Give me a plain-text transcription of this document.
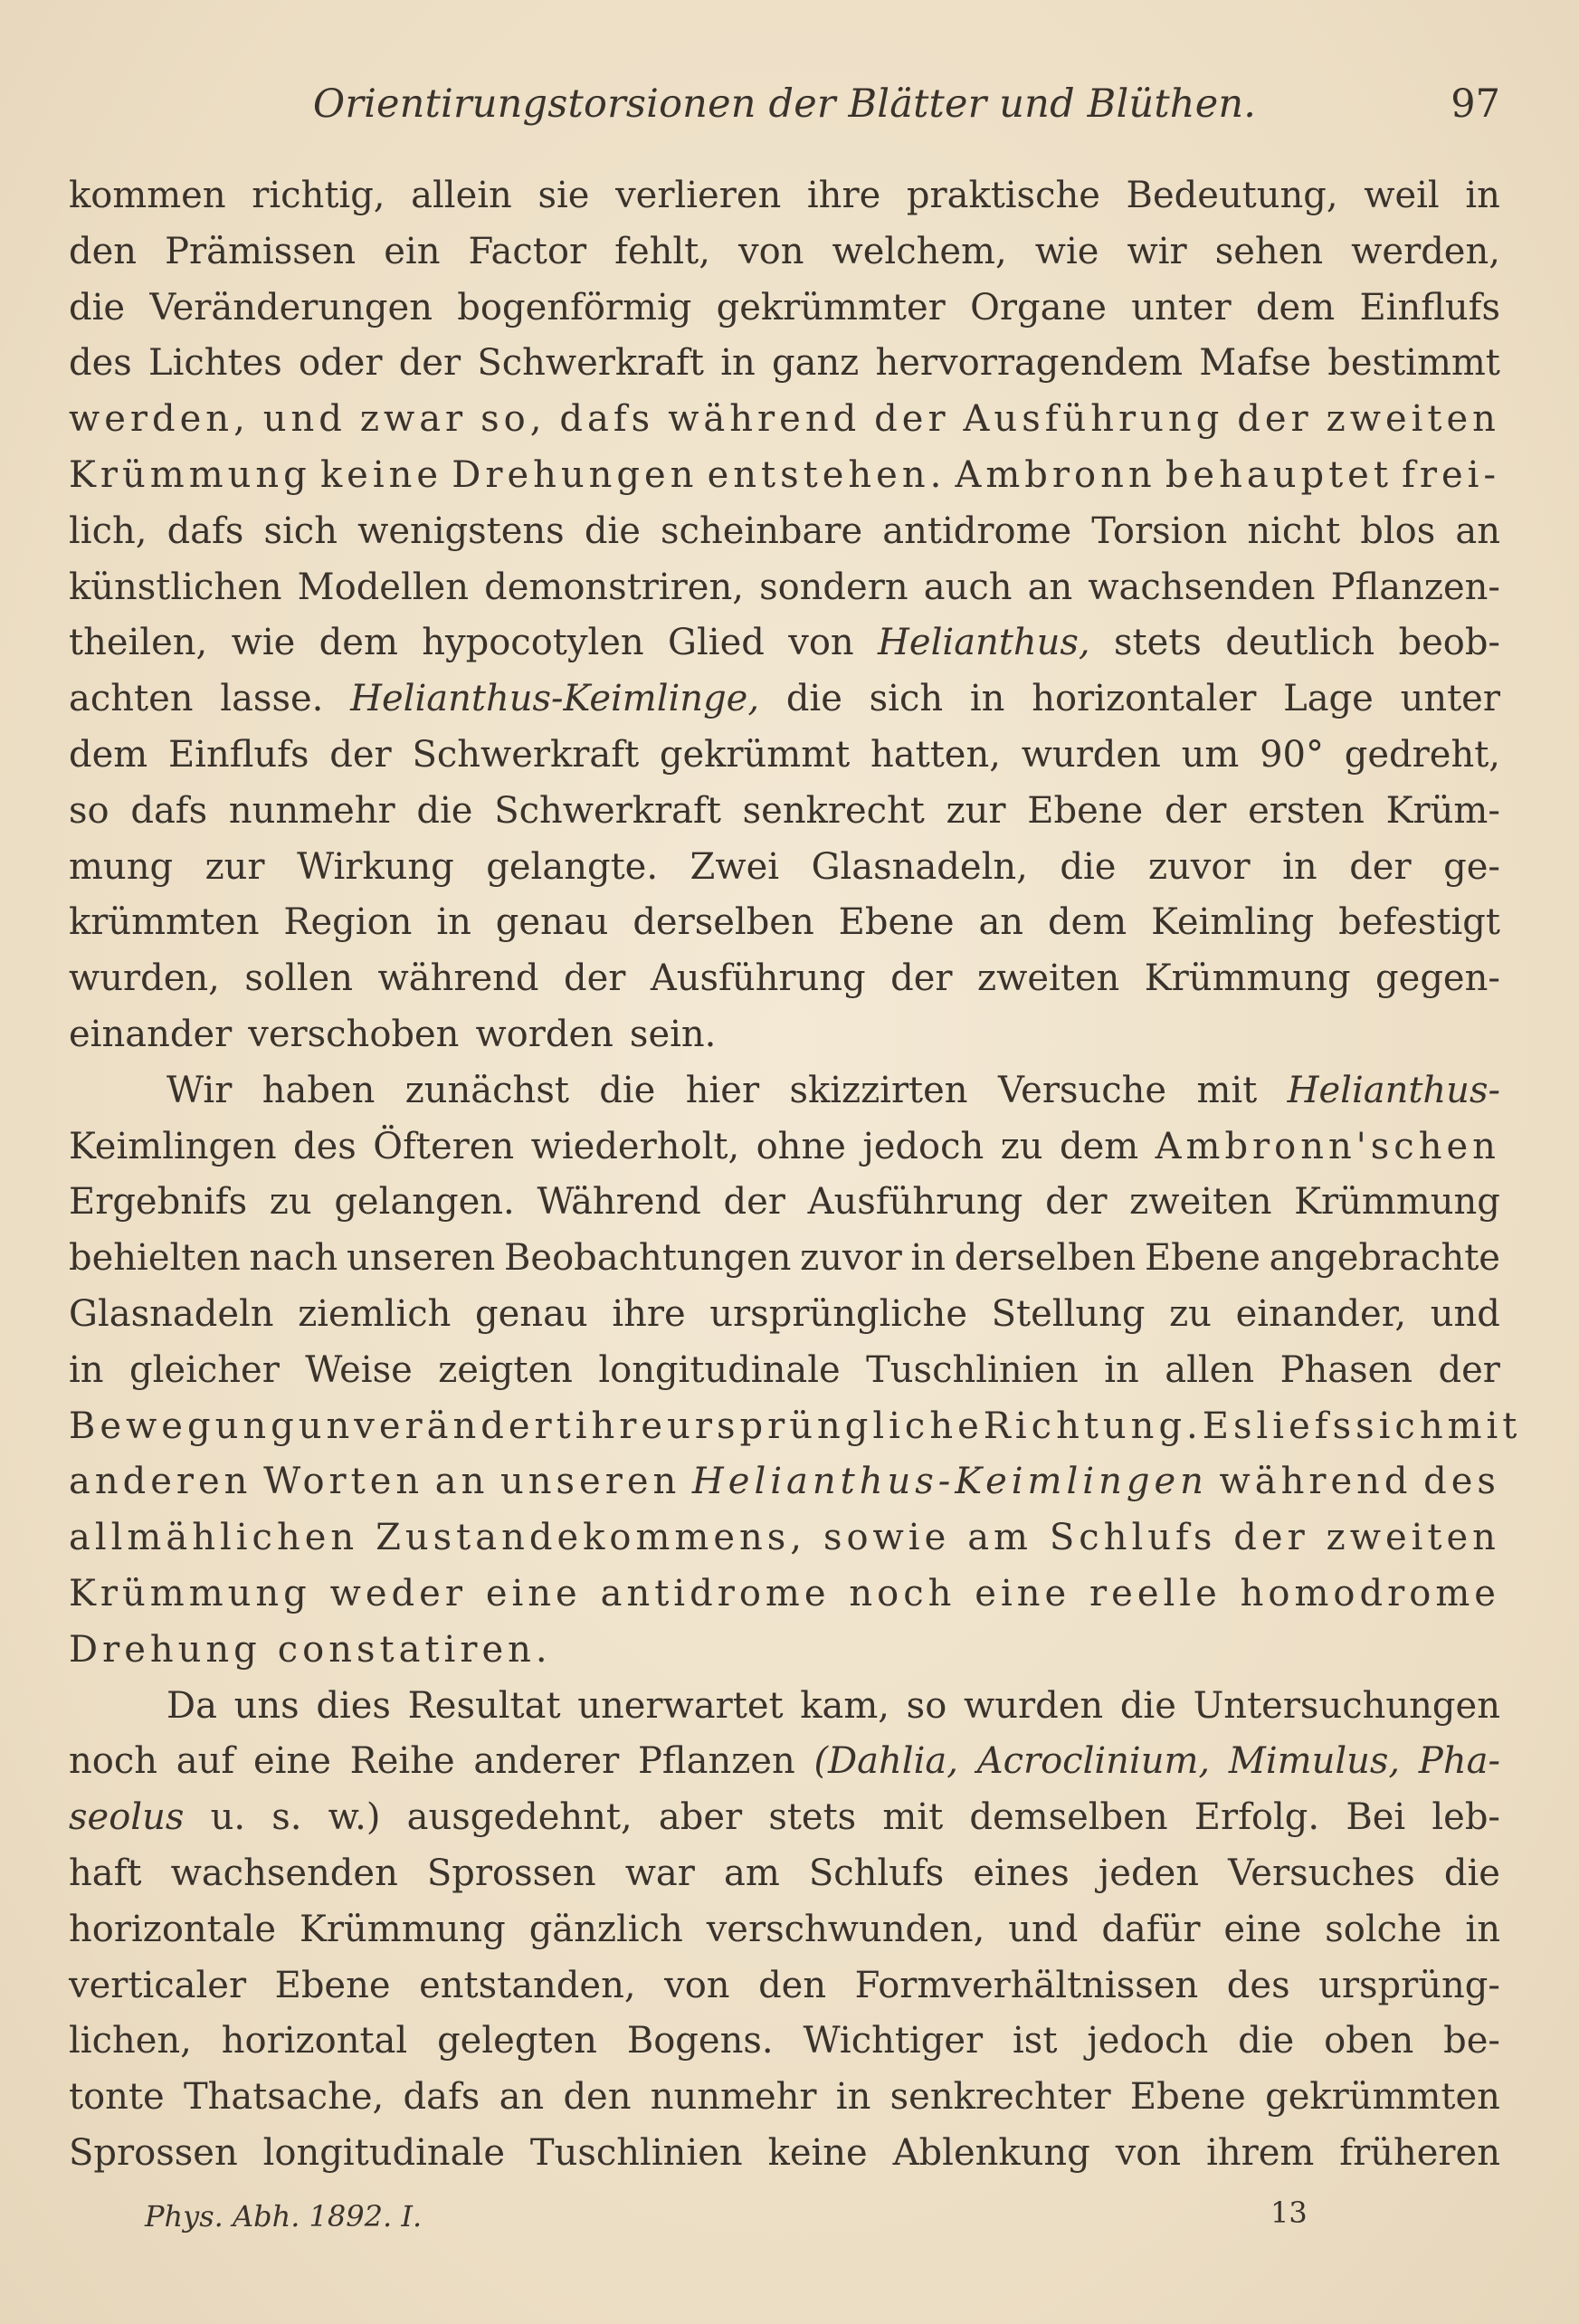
Orientirungstorsionen der Blätter und Blüthen.	97
kommen richtig, allein sie verlieren ihre praktische Bedeutung, weil in
den Prämissen ein Factor fehlt, von welchem, wie wir sehen werden,
die Veränderungen bogenförmig gekrümmter Organe unter dem Einflufs
des Lichtes oder der Schwerkraft in ganz hervorragendem Mafse bestimmt
werden, und zwar so, dafs während der Ausführung der zweiten
Krümmung keine Drehungen entstehen. Ambronn behauptet frei-
lich, dafs sich wenigstens die scheinbare antidrome Torsion nicht blos an
künstlichen Modellen demonstriren, sondern auch an wachsenden Pflanzen-
theilen, wie dem hypocotylen Glied von Helianthus, stets deutlich beob-
achten lasse. Helianthus-Keimlinge, die sich in horizontaler Lage unter
dem Einflufs der Schwerkraft gekrümmt hatten, wurden um 90° gedreht,
so dafs nunmehr die Schwerkraft senkrecht zur Ebene der ersten Krüm-
mung zur Wirkung gelangte. Zwei Glasnadeln, die zuvor in der ge-
krümmten Region in genau derselben Ebene an dem Keimling befestigt
wurden, sollen während der Ausführung der zweiten Krümmung gegen-
einander verschoben worden sein.
Wir haben zunächst die hier skizzirten Versuche mit Helianthus-
Keimlingen des Öfteren wiederholt, ohne jedoch zu dem Ambronn'schen
Ergebnifs zu gelangen. Während der Ausführung der zweiten Krümmung
behielten nach unseren Beobachtungen zuvor in derselben Ebene angebrachte
Glasnadeln ziemlich genau ihre ursprüngliche Stellung zu einander, und
in gleicher Weise zeigten longitudinale Tuschlinien in allen Phasen der
Bewegung unverändert ihre ursprüngliche Richtung. Es liefs sich mit
anderen Worten an unseren Helianthus-Keimlingen während des
allmählichen Zustandekommens, sowie am Schlufs der zweiten
Krümmung weder eine antidrome noch eine reelle homodrome
Drehung constatiren.
Da uns dies Resultat unerwartet kam, so wurden die Untersuchungen
noch auf eine Reihe anderer Pflanzen (Dahlia, Acroclinium, Mimulus, Pha-
seolus u. s. w.) ausgedehnt, aber stets mit demselben Erfolg. Bei leb-
haft wachsenden Sprossen war am Schlufs eines jeden Versuches die
horizontale Krümmung gänzlich verschwunden, und dafür eine solche in
verticaler Ebene entstanden, von den Formverhältnissen des ursprüng-
lichen, horizontal gelegten Bogens. Wichtiger ist jedoch die oben be-
tonte Thatsache, dafs an den nunmehr in senkrechter Ebene gekrümmten
Sprossen longitudinale Tuschlinien keine Ablenkung von ihrem früheren
Phys. Abh. 1892. I.	13
